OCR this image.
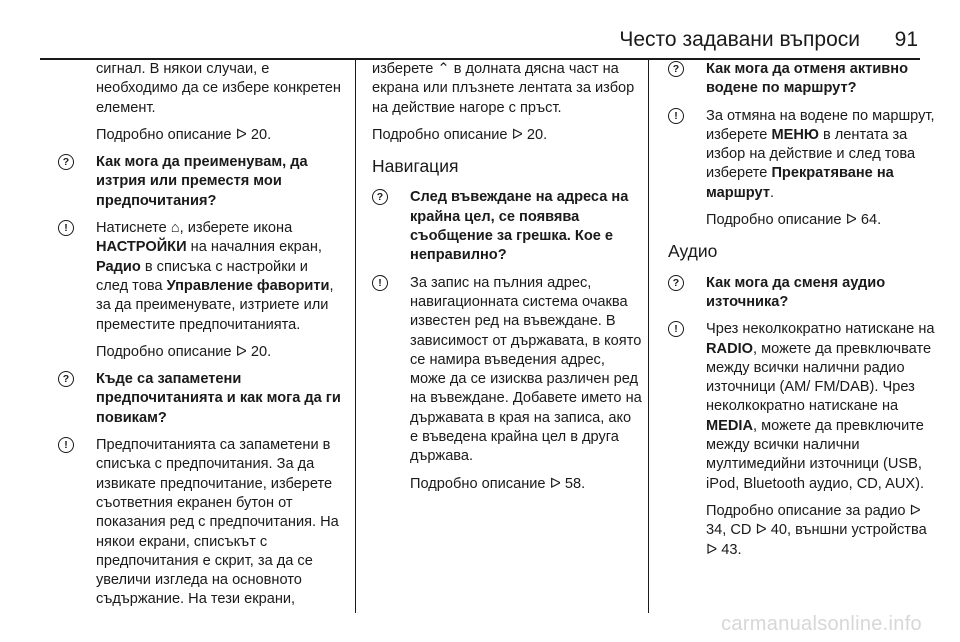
Често задавани въпроси 91

сигнал. В някои случаи, е необходимо да се избере конкретен елемент.

Подробно описание ᐅ 20.

?	Как мога да преименувам, да изтрия или преместя мои предпочитания?
!	Натиснете ⌂, изберете икона НАСТРОЙКИ на началния екран, Радио в списъка с настройки и след това Управление фаворити, за да преименувате, изтриете или преместите предпочитанията.

Подробно описание ᐅ 20.

?	Къде са запаметени предпочитанията и как мога да ги повикам?
!	Предпочитанията са запаметени в списъка с предпочитания. За да извикате предпочитание, изберете съответния екранен бутон от показания ред с предпочитания. На някои екрани, списъкът с предпочитания е скрит, за да се увеличи изгледа на основното съдържание. На тези екрани,

изберете ⌃ в долната дясна част на екрана или плъзнете лентата за избор на действие нагоре с пръст.

Подробно описание ᐅ 20.

Навигация
?	След въвеждане на адреса на крайна цел, се появява съобщение за грешка. Кое е неправилно?
!	За запис на пълния адрес, навигационната система очаква известен ред на въвеждане. В зависимост от държавата, в която се намира въведения адрес, може да се изисква различен ред на въвеждане. Добавете името на държавата в края на записа, ако е въведена крайна цел в друга държава.

Подробно описание ᐅ 58.

?	Как мога да отменя активно водене по маршрут?
!	За отмяна на водене по маршрут, изберете МЕНЮ в лентата за избор на действие и след това изберете Прекратяване на маршрут.

Подробно описание ᐅ 64.

Аудио
?	Как мога да сменя аудио източника?
!	Чрез неколкократно натискане на RADIO, можете да превключвате между всички налични радио източници (AM/ FM/DAB). Чрез неколкократно натискане на MEDIA, можете да превключите между всички налични мултимедийни източници (USB, iPod, Bluetooth аудио, CD, AUX).

Подробно описание за радио ᐅ 34, CD ᐅ 40, външни устройства ᐅ 43.

carmanualsonline.info
